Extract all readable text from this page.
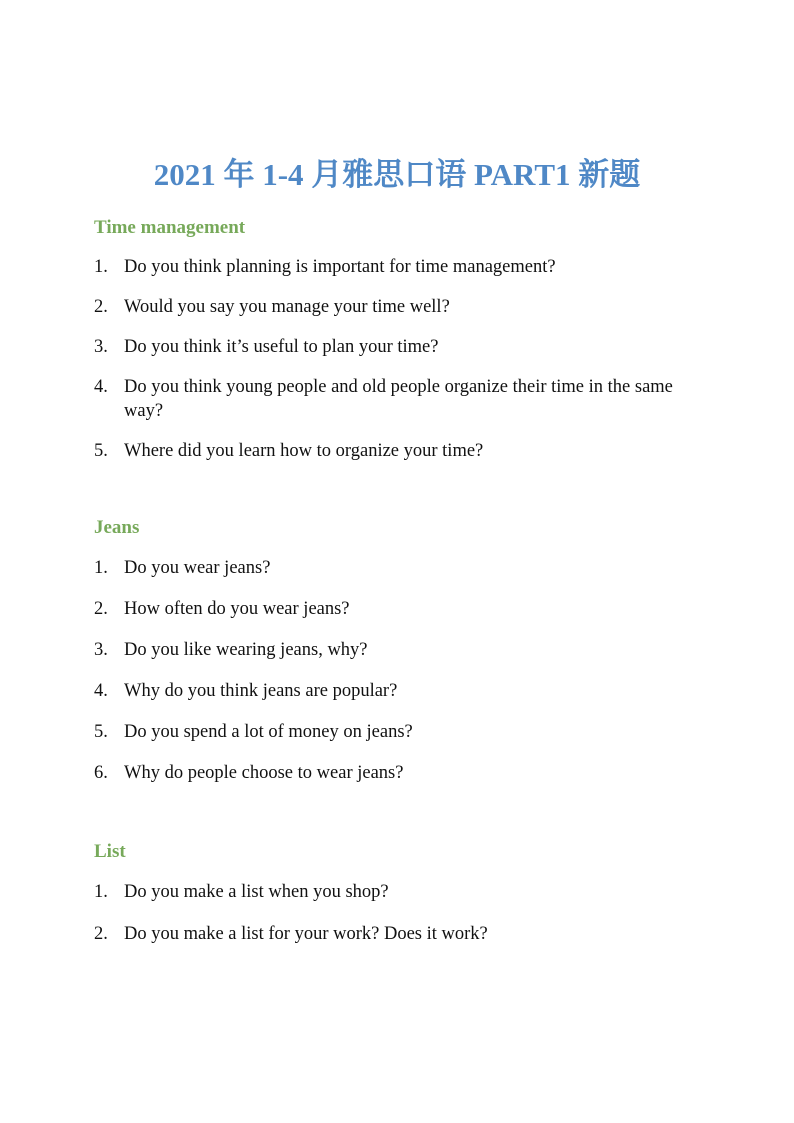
2021 年 1-4 月雅思口语 PART1 新题
Time management
1. Do you think planning is important for time management?
2. Would you say you manage your time well?
3. Do you think it’s useful to plan your time?
4. Do you think young people and old people organize their time in the same way?
5. Where did you learn how to organize your time?
Jeans
1. Do you wear jeans?
2. How often do you wear jeans?
3. Do you like wearing jeans, why?
4. Why do you think jeans are popular?
5. Do you spend a lot of money on jeans?
6. Why do people choose to wear jeans?
List
1. Do you make a list when you shop?
2. Do you make a list for your work? Does it work?
